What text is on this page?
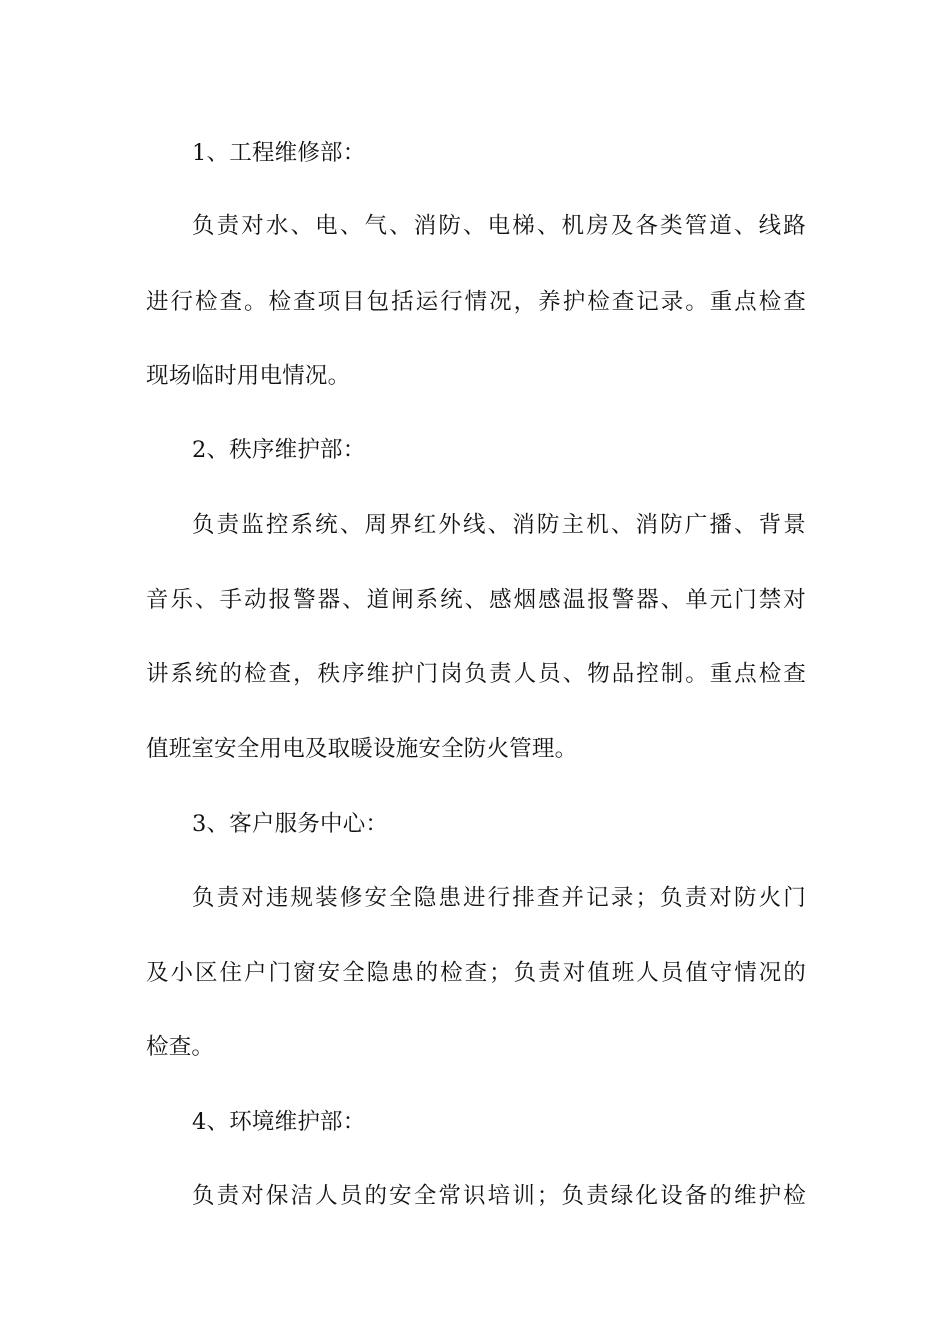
1、工程维修部：
负责对水、电、气、消防、电梯、机房及各类管道、线路
进行检查。检查项目包括运行情况，养护检查记录。重点检查
现场临时用电情况。
2、秩序维护部：
负责监控系统、周界红外线、消防主机、消防广播、背景
音乐、手动报警器、道闸系统、感烟感温报警器、单元门禁对
讲系统的检查，秩序维护门岗负责人员、物品控制。重点检查
值班室安全用电及取暖设施安全防火管理。
3、客户服务中心：
负责对违规装修安全隐患进行排查并记录；负责对防火门
及小区住户门窗安全隐患的检查；负责对值班人员值守情况的
检查。
4、环境维护部：
负责对保洁人员的安全常识培训；负责绿化设备的维护检
